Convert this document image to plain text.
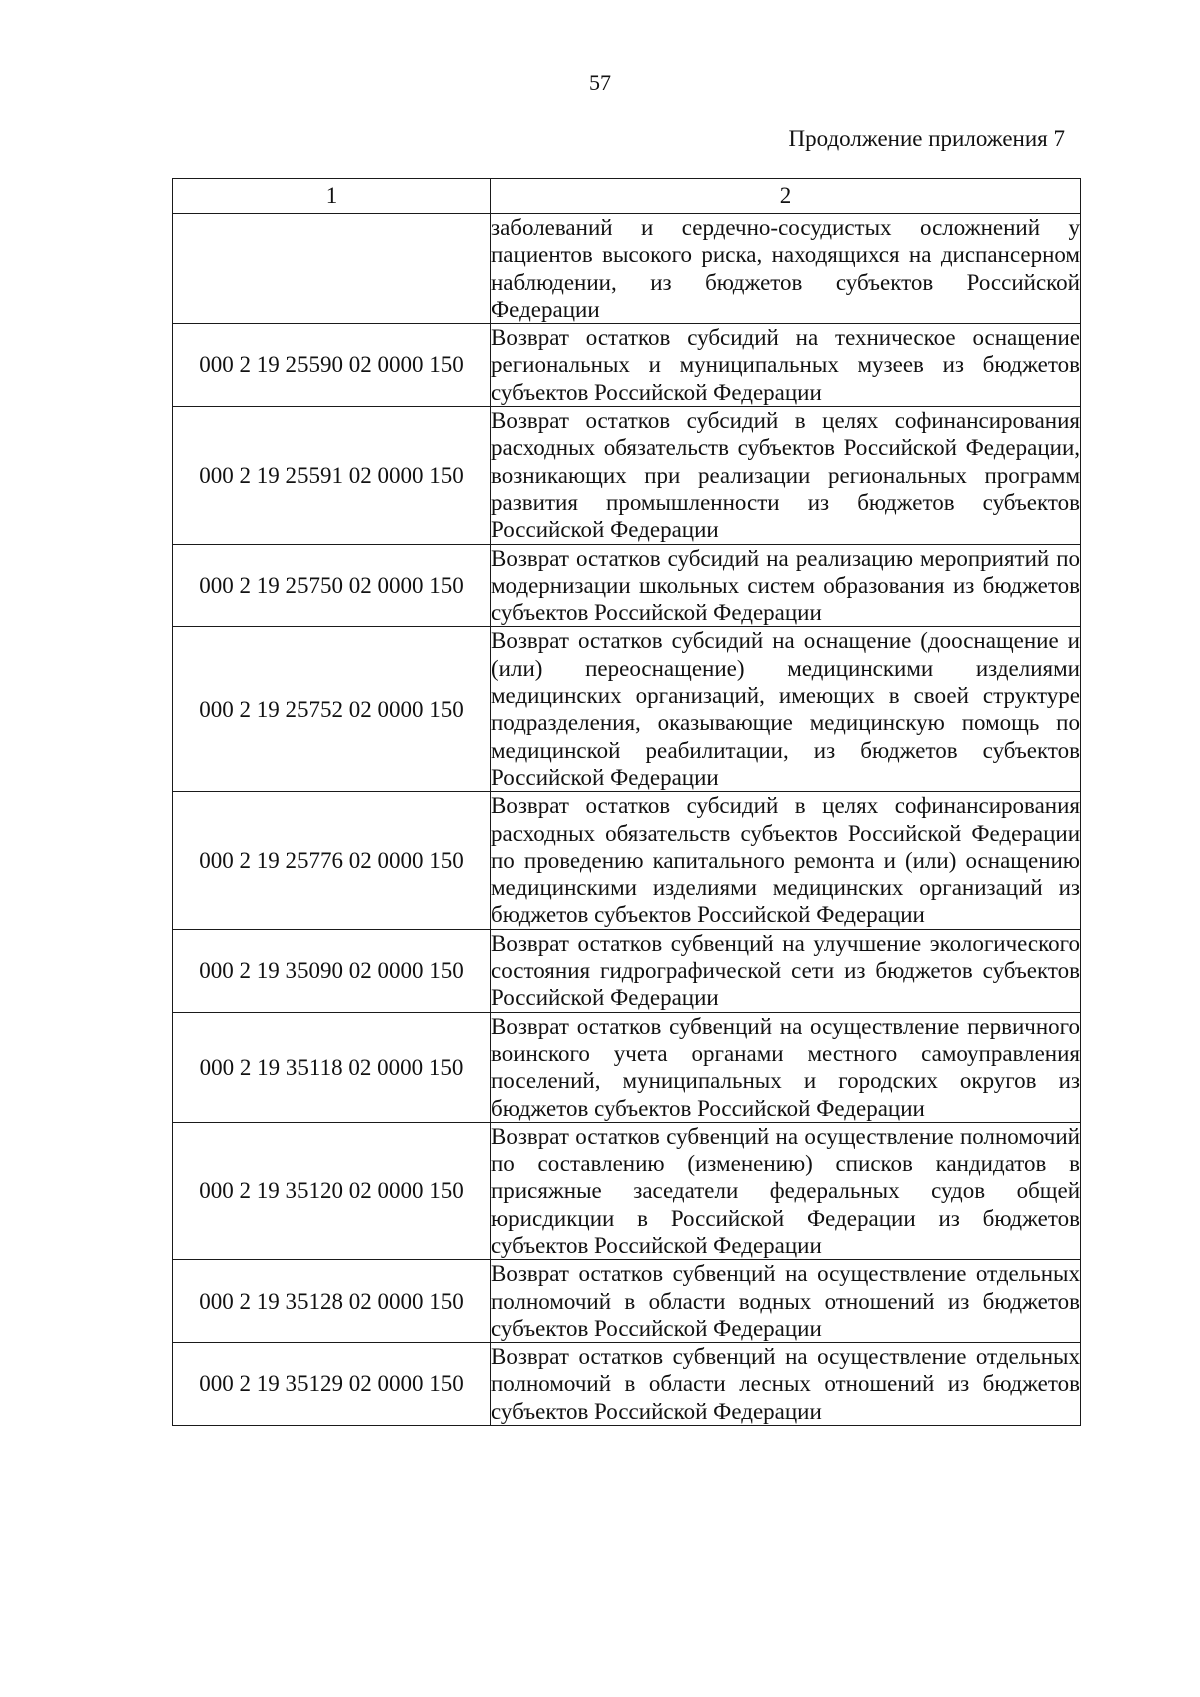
57
Продолжение приложения 7
1	2
	заболеваний и сердечно-сосудистых осложнений у пациентов высокого риска, находящихся на диспансерном наблюдении, из бюджетов субъектов Российской Федерации
000 2 19 25590 02 0000 150	Возврат остатков субсидий на техническое оснащение региональных и муниципальных музеев из бюджетов субъектов Российской Федерации
000 2 19 25591 02 0000 150	Возврат остатков субсидий в целях софинансирования расходных обязательств субъектов Российской Федерации, возникающих при реализации региональных программ развития промышленности из бюджетов субъектов Российской Федерации
000 2 19 25750 02 0000 150	Возврат остатков субсидий на реализацию мероприятий по модернизации школьных систем образования из бюджетов субъектов Российской Федерации
000 2 19 25752 02 0000 150	Возврат остатков субсидий на оснащение (дооснащение и (или) переоснащение) медицинскими изделиями медицинских организаций, имеющих в своей структуре подразделения, оказывающие медицинскую помощь по медицинской реабилитации, из бюджетов субъектов Российской Федерации
000 2 19 25776 02 0000 150	Возврат остатков субсидий в целях софинансирования расходных обязательств субъектов Российской Федерации по проведению капитального ремонта и (или) оснащению медицинскими изделиями медицинских организаций из бюджетов субъектов Российской Федерации
000 2 19 35090 02 0000 150	Возврат остатков субвенций на улучшение экологического состояния гидрографической сети из бюджетов субъектов Российской Федерации
000 2 19 35118 02 0000 150	Возврат остатков субвенций на осуществление первичного воинского учета органами местного самоуправления поселений, муниципальных и городских округов из бюджетов субъектов Российской Федерации
000 2 19 35120 02 0000 150	Возврат остатков субвенций на осуществление полномочий по составлению (изменению) списков кандидатов в присяжные заседатели федеральных судов общей юрисдикции в Российской Федерации из бюджетов субъектов Российской Федерации
000 2 19 35128 02 0000 150	Возврат остатков субвенций на осуществление отдельных полномочий в области водных отношений из бюджетов субъектов Российской Федерации
000 2 19 35129 02 0000 150	Возврат остатков субвенций на осуществление отдельных полномочий в области лесных отношений из бюджетов субъектов Российской Федерации
